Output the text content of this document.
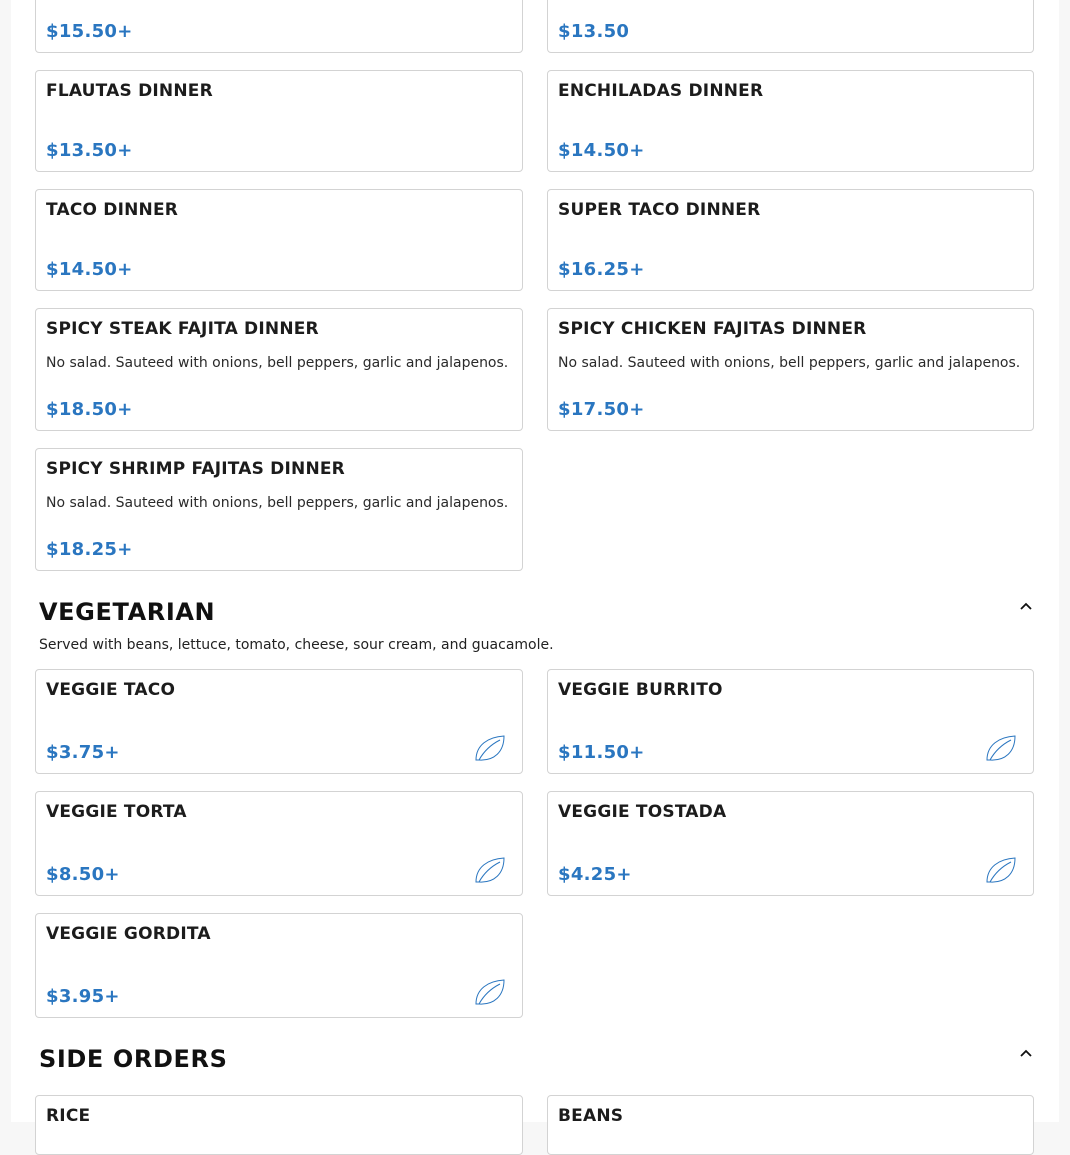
$15.50+	$13.50
FLAUTAS DINNER
$13.50+
ENCHILADAS DINNER
$14.50+
TACO DINNER
$14.50+
SUPER TACO DINNER
$16.25+
SPICY STEAK FAJITA DINNER
No salad. Sauteed with onions, bell peppers, garlic and jalapenos.
$18.50+
SPICY CHICKEN FAJITAS DINNER
No salad. Sauteed with onions, bell peppers, garlic and jalapenos.
$17.50+
SPICY SHRIMP FAJITAS DINNER
No salad. Sauteed with onions, bell peppers, garlic and jalapenos.
$18.25+
VEGETARIAN
Served with beans, lettuce, tomato, cheese, sour cream, and guacamole.
VEGGIE TACO
$3.75+
VEGGIE BURRITO
$11.50+
VEGGIE TORTA
$8.50+
VEGGIE TOSTADA
$4.25+
VEGGIE GORDITA
$3.95+
SIDE ORDERS
RICE	BEANS
